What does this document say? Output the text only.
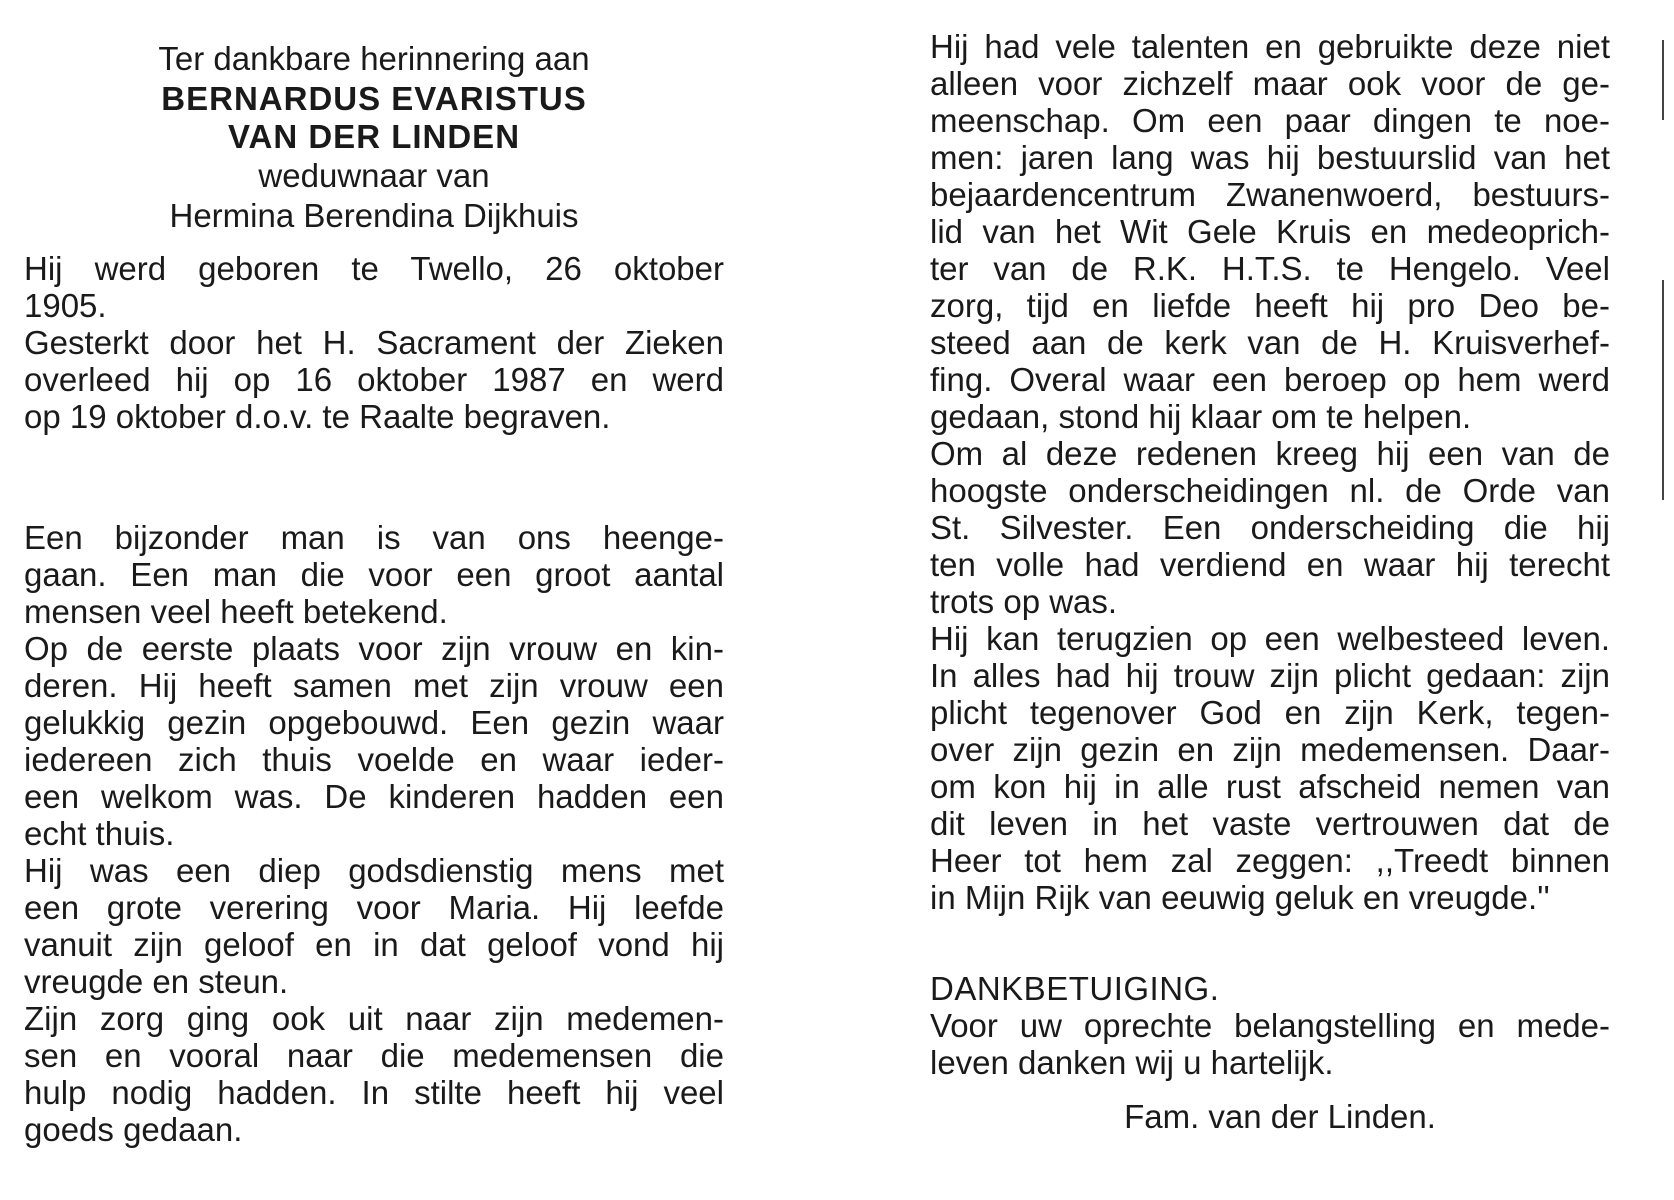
Ter dankbare herinnering aan
BERNARDUS EVARISTUS
VAN DER LINDEN
weduwnaar van
Hermina Berendina Dijkhuis
Hij werd geboren te Twello, 26 oktober
1905.
Gesterkt door het H. Sacrament der Zieken
overleed hij op 16 oktober 1987 en werd
op 19 oktober d.o.v. te Raalte begraven.
Een bijzonder man is van ons heenge-
gaan. Een man die voor een groot aantal
mensen veel heeft betekend.
Op de eerste plaats voor zijn vrouw en kin-
deren. Hij heeft samen met zijn vrouw een
gelukkig gezin opgebouwd. Een gezin waar
iedereen zich thuis voelde en waar ieder-
een welkom was. De kinderen hadden een
echt thuis.
Hij was een diep godsdienstig mens met
een grote verering voor Maria. Hij leefde
vanuit zijn geloof en in dat geloof vond hij
vreugde en steun.
Zijn zorg ging ook uit naar zijn medemen-
sen en vooral naar die medemensen die
hulp nodig hadden. In stilte heeft hij veel
goeds gedaan.
Hij had vele talenten en gebruikte deze niet
alleen voor zichzelf maar ook voor de ge-
meenschap. Om een paar dingen te noe-
men: jaren lang was hij bestuurslid van het
bejaardencentrum Zwanenwoerd, bestuurs-
lid van het Wit Gele Kruis en medeoprich-
ter van de R.K. H.T.S. te Hengelo. Veel
zorg, tijd en liefde heeft hij pro Deo be-
steed aan de kerk van de H. Kruisverhef-
fing. Overal waar een beroep op hem werd
gedaan, stond hij klaar om te helpen.
Om al deze redenen kreeg hij een van de
hoogste onderscheidingen nl. de Orde van
St. Silvester. Een onderscheiding die hij
ten volle had verdiend en waar hij terecht
trots op was.
Hij kan terugzien op een welbesteed leven.
In alles had hij trouw zijn plicht gedaan: zijn
plicht tegenover God en zijn Kerk, tegen-
over zijn gezin en zijn medemensen. Daar-
om kon hij in alle rust afscheid nemen van
dit leven in het vaste vertrouwen dat de
Heer tot hem zal zeggen: ,,Treedt binnen
in Mijn Rijk van eeuwig geluk en vreugde.''
DANKBETUIGING.
Voor uw oprechte belangstelling en mede-
leven danken wij u hartelijk.
Fam. van der Linden.
